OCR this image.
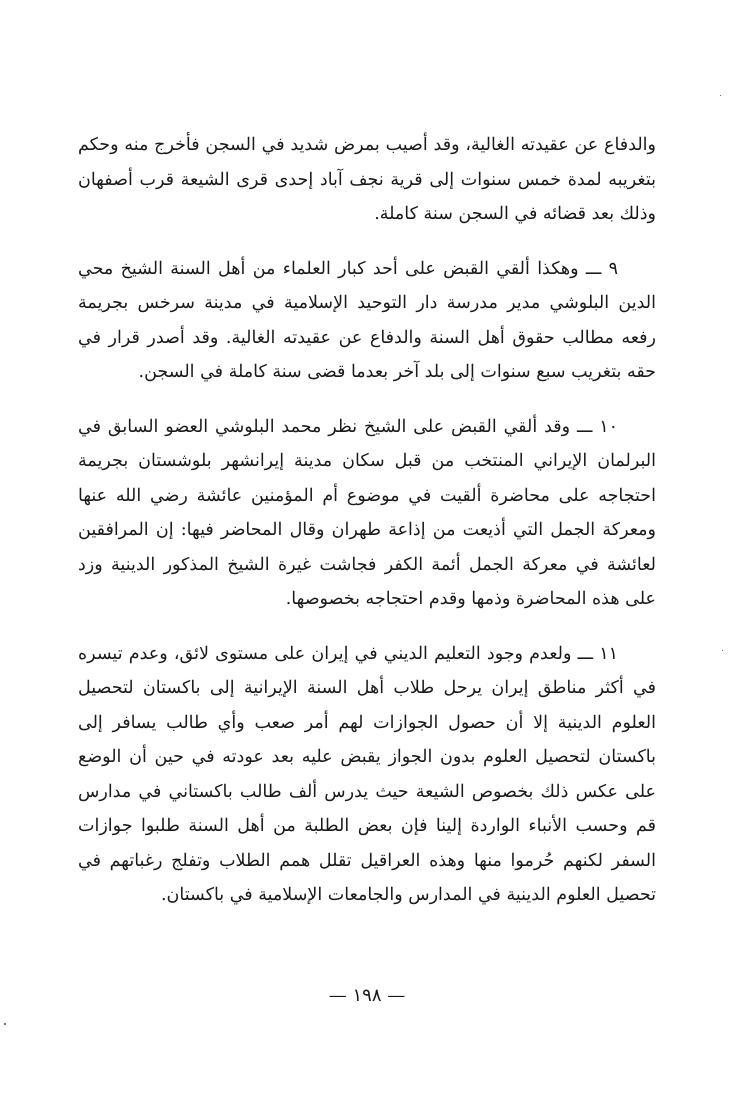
والدفاع عن عقيدته الغالية، وقد أصيب بمرض شديد في السجن فأخرج منه وحكم بتغريبه لمدة خمس سنوات إلى قرية نجف آباد إحدى قرى الشيعة قرب أصفهان وذلك بعد قضائه في السجن سنة كاملة.

٩ ـــ وهكذا ألقي القبض على أحد كبار العلماء من أهل السنة الشيخ محي الدين البلوشي مدير مدرسة دار التوحيد الإسلامية في مدينة سرخس بجريمة رفعه مطالب حقوق أهل السنة والدفاع عن عقيدته الغالية. وقد أصدر قرار في حقه بتغريب سبع سنوات إلى بلد آخر بعدما قضى سنة كاملة في السجن.

١٠ ـــ وقد ألقي القبض على الشيخ نظر محمد البلوشي العضو السابق في البرلمان الإيراني المنتخب من قبل سكان مدينة إيرانشهر بلوشستان بجريمة احتجاجه على محاضرة ألقيت في موضوع أم المؤمنين عائشة رضي الله عنها ومعركة الجمل التي أذيعت من إذاعة طهران وقال المحاضر فيها: إن المرافقين لعائشة في معركة الجمل أئمة الكفر فجاشت غيرة الشيخ المذكور الدينية وزد على هذه المحاضرة وذمها وقدم احتجاجه بخصوصها.

١١ ـــ ولعدم وجود التعليم الديني في إيران على مستوى لائق، وعدم تيسره في أكثر مناطق إيران يرحل طلاب أهل السنة الإيرانية إلى باكستان لتحصيل العلوم الدينية إلا أن حصول الجوازات لهم أمر صعب وأي طالب يسافر إلى باكستان لتحصيل العلوم بدون الجواز يقبض عليه بعد عودته في حين أن الوضع على عكس ذلك بخصوص الشيعة حيث يدرس ألف طالب باكستاني في مدارس قم وحسب الأنباء الواردة إلينا فإن بعض الطلبة من أهل السنة طلبوا جوازات السفر لكنهم حُرموا منها وهذه العراقيل تقلل همم الطلاب وتفلج رغباتهم في تحصيل العلوم الدينية في المدارس والجامعات الإسلامية في باكستان.

— ١٩٨ —
